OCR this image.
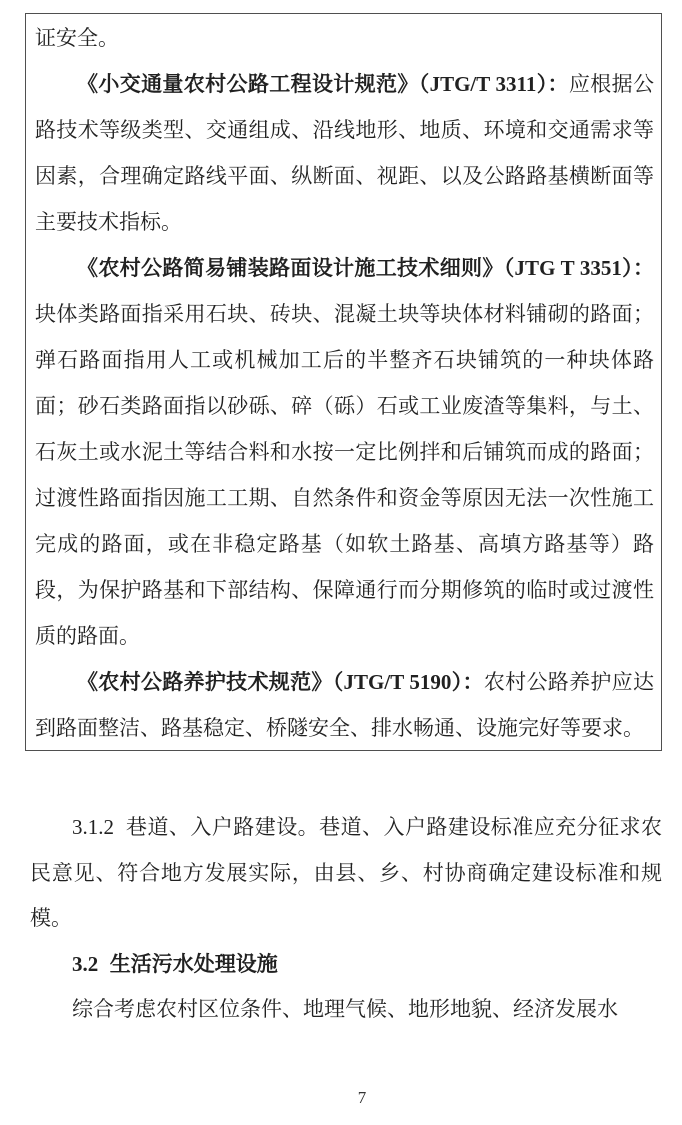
证安全。

《小交通量农村公路工程设计规范》（JTG/T 3311）：应根据公路技术等级类型、交通组成、沿线地形、地质、环境和交通需求等因素，合理确定路线平面、纵断面、视距、以及公路路基横断面等主要技术指标。

《农村公路简易铺装路面设计施工技术细则》（JTG T 3351）：块体类路面指采用石块、砖块、混凝土块等块体材料铺砌的路面；弹石路面指用人工或机械加工后的半整齐石块铺筑的一种块体路面；砂石类路面指以砂砾、碎（砾）石或工业废渣等集料，与土、石灰土或水泥土等结合料和水按一定比例拌和后铺筑而成的路面；过渡性路面指因施工工期、自然条件和资金等原因无法一次性施工完成的路面，或在非稳定路基（如软土路基、高填方路基等）路段，为保护路基和下部结构、保障通行而分期修筑的临时或过渡性质的路面。

《农村公路养护技术规范》（JTG/T 5190）：农村公路养护应达到路面整洁、路基稳定、桥隧安全、排水畅通、设施完好等要求。

3.1.2 巷道、入户路建设。巷道、入户路建设标准应充分征求农民意见、符合地方发展实际，由县、乡、村协商确定建设标准和规模。

3.2 生活污水处理设施

综合考虑农村区位条件、地理气候、地形地貌、经济发展水

7
